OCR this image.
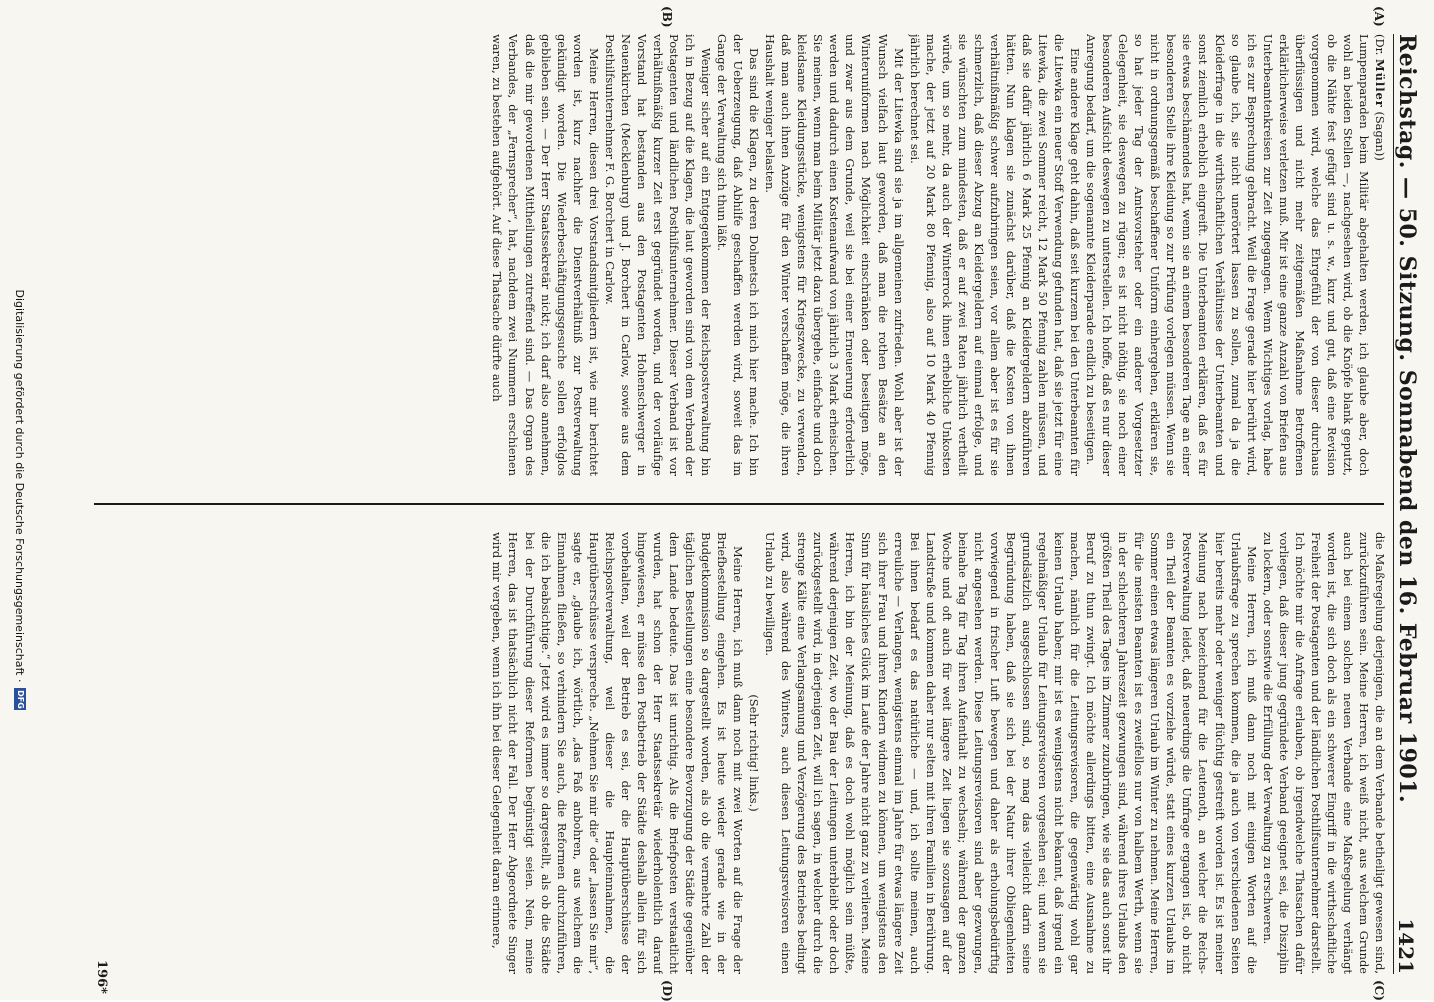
Reichstag. — 50. Sitzung. Sonnabend den 16. Februar 1901.
1421
(A)
(B)
(C)
(D)

(Dr. Müller (Sagan))

Lumpenparaden beim Militär abgehalten werden, ich glaube aber, doch wohl an beiden Stellen —, nachgesehen wird, ob die Knöpfe blank geputzt, ob die Nähte fest gefügt sind u. s. w., kurz und gut, daß eine Revision vorgenommen wird, welche das Ehrgefühl der von dieser durchaus überflüssigen und nicht mehr zeitgemäßen Maßnahme Betroffenen erklärlicherweise verletzen muß. Mir ist eine ganze Anzahl von Briefen aus Unterbeamtenkreisen zur Zeit zugegangen. Wenn Wichtiges vorlag, habe ich es zur Besprechung gebracht. Weil die Frage gerade hier berührt wird, so glaube ich, sie nicht unerörtert lassen zu sollen, zumal da ja die Kleiderfrage in die wirthschaftlichen Verhältnisse der Unterbeamten und sonst ziemlich erheblich eingreift. Die Unterbeamten erklären, daß es für sie etwas beschämendes hat, wenn sie an einem besonderen Tage an einer besonderen Stelle ihre Kleidung so zur Prüfung vorlegen müssen. Wenn sie nicht in ordnungsgemäß beschaffener Uniform einhergehen, erklären sie, so hat jeder Tag der Amtsvorsteher oder ein anderer Vorgesetzter Gelegenheit, sie deswegen zu rügen; es ist nicht nöthig, sie noch einer besonderen Aufsicht deswegen zu unterstellen. Ich hoffe, daß es nur dieser Anregung bedarf, um die sogenannte Kleiderparade endlich zu beseitigen.

Eine andere Klage geht dahin, daß seit kurzem bei den Unterbeamten für die Litewka ein neuer Stoff Verwendung gefunden hat, daß sie jetzt für eine Litewka, die zwei Sommer reicht, 12 Mark 50 Pfennig zahlen müssen, und daß sie dafür jährlich 6 Mark 25 Pfennig an Kleidergeldern abzuführen hätten. Nun klagen sie zunächst darüber, daß die Kosten von ihnen verhältnißmäßig schwer aufzubringen seien, vor allem aber ist es für sie schmerzlich, daß dieser Abzug an Kleidergeldern auf einmal erfolge, und sie wünschten zum mindesten, daß er auf zwei Raten jährlich vertheilt würde, um so mehr, da auch der Winterrock ihnen erhebliche Unkosten mache, der jetzt auf 20 Mark 80 Pfennig, also auf 10 Mark 40 Pfennig jährlich berechnet sei.

Mit der Litewka sind sie ja im allgemeinen zufrieden. Wohl aber ist der Wunsch vielfach laut geworden, daß man die rothen Besätze an den Winteruniformen nach Möglichkeit einschränken oder beseitigen möge, und zwar aus dem Grunde, weil sie bei einer Erneuerung erforderlich werden und dadurch einen Kostenaufwand von jährlich 3 Mark erheischen. Sie meinen, wenn man beim Militär jetzt dazu übergehe, einfache und doch kleidsame Kleidungsstücke, wenigstens für Kriegszwecke, zu verwenden, daß man auch ihnen Anzüge für den Winter verschaffen möge, die ihren Haushalt weniger belasten.

Das sind die Klagen, zu deren Dolmetsch ich mich hier mache. Ich bin der Ueberzeugung, daß Abhilfe geschaffen werden wird, soweit das im Gange der Verwaltung sich thun läßt.

Weniger sicher auf ein Entgegenkommen der Reichspostverwaltung bin ich in Bezug auf die Klagen, die laut geworden sind von dem Verband der Postagenten und ländlichen Posthilfsunternehmer. Dieser Verband ist vor verhältnißmäßig kurzer Zeit erst gegründet worden, und der vorläufige Vorstand hat bestanden aus den Postagenten Hohenschwerger in Neuenkirchen (Mecklenburg) und J. Borchert in Carlow, sowie aus dem Posthilfsunternehmer F. G. Borchert in Carlow.

Meine Herren, diesen drei Vorstandsmitgliedern ist, wie mir berichtet worden ist, kurz nachher die Dienstverhältniß zur Postverwaltung gekündigt worden. Die Wiederbeschäftigungsgesuche sollen erfolglos geblieben sein. — Der Herr Staatssekretär nickt; ich darf also annehmen, daß die mir gewordenen Mittheilungen zutreffend sind. — Das Organ des Verbandes, der „Fernsprecher“, hat, nachdem zwei Nummern erschienen waren, zu bestehen aufgehört. Auf diese Thatsache dürfte auch

die Maßregelung derjenigen, die an dem Verbande betheiligt gewesen sind, zurückzuführen sein. Meine Herren, ich weiß nicht, aus welchem Grunde auch bei einem solchen neuen Verbande eine Maßregelung verhängt worden ist, die sich doch als ein schwerer Eingriff in die wirthschaftliche Freiheit der Postagenten und der ländlichen Posthilfsunternehmer darstellt. Ich möchte mir die Anfrage erlauben, ob irgendwelche Thatsachen dafür vorliegen, daß dieser jung gegründete Verband geeignet sei, die Disziplin zu lockern, oder sonstwie die Erfüllung der Verwaltung zu erschweren.

Meine Herren, ich muß dann noch mit einigen Worten auf die Urlaubsfrage zu sprechen kommen, die ja auch von verschiedenen Seiten hier bereits mehr oder weniger flüchtig gestreift worden ist. Es ist meiner Meinung nach bezeichnend für die Leutenoth, an welcher die Reichs-Postverwaltung leidet, daß neuerdings die Umfrage ergangen ist, ob nicht ein Theil der Beamten es vorziehe würde, statt eines kurzen Urlaubs im Sommer einen etwas längeren Urlaub im Winter zu nehmen. Meine Herren, für die meisten Beamten ist es zweifellos nur von halbem Werth, wenn sie in der schlechteren Jahreszeit gezwungen sind, während ihres Urlaubs den größten Theil des Tages im Zimmer zuzubringen, wie sie das auch sonst ihr Beruf zu thun zwingt. Ich möchte allerdings bitten, eine Ausnahme zu machen, nämlich für die Leitungsrevisoren, die gegenwärtig wohl gar keinen Urlaub haben; mir ist es wenigstens nicht bekannt, daß irgend ein regelmäßiger Urlaub für Leitungsrevisoren vorgesehen sei; und wenn sie grundsätzlich ausgeschlossen sind, so mag das vielleicht darin seine Begründung haben, daß sie sich bei der Natur ihrer Obliegenheiten vorwiegend in frischer Luft bewegen und daher als erholungsbedürftig nicht angesehen werden. Diese Leitungsrevisoren sind aber gezwungen, beinahe Tag für Tag ihren Aufenthalt zu wechseln; während der ganzen Woche und oft auch für weit längere Zeit liegen sie sozusagen auf der Landstraße und kommen daher nur selten mit ihren Familien in Berührung. Bei ihnen bedarf es das natürliche — und, ich sollte meinen, auch erreuliche — Verlangen, wenigstens einmal im Jahre für etwas längere Zeit sich ihrer Frau und ihren Kindern widmen zu können, um wenigstens den Sinn für häusliches Glück im Laufe der Jahre nicht ganz zu verlieren. Meine Herren, ich bin der Meinung, daß es doch wohl möglich sein müßte, während derjenigen Zeit, wo der Bau der Leitungen unterbleibt oder doch zurückgestellt wird, in derjenigen Zeit, will ich sagen, in welcher durch die strenge Kälte eine Verlangsamung und Verzögerung des Betriebes bedingt wird, also während des Winters, auch diesen Leitungsrevisoren einen Urlaub zu bewilligen.

(Sehr richtig! links.)

Meine Herren, ich muß dann noch mit zwei Worten auf die Frage der Briefbestellung eingehen. Es ist heute wieder gerade wie in der Budgetkommission so dargestellt worden, als ob die vermehrte Zahl der täglichen Bestellungen eine besondere Bevorzugung der Städte gegenüber dem Lande bedeute. Das ist unrichtig. Als die Briefposten verstaatlicht wurden, hat schon der Herr Staatssekretär wiederholentlich darauf hingewiesen, er müsse den Postbetrieb der Städte deshalb allein für sich vorbehalten, weil der Betrieb es sei, der die Hauptüberschüsse der Reichspostverwaltung, weil dieser die Haupteinnahmen, die Hauptüberschüsse verspreche. „Nehmen Sie mir die“ oder „lassen Sie mir“, sagte er, „glaube ich, wörtlich, „das Faß anbohren, aus welchem die Einnahmen fließen, so verhindern Sie auch, die Reformen durchzuführen, die ich beabsichtige.“ Jetzt wird es immer so dargestellt, als ob die Städte bei der Durchführung dieser Reformen begünstigt seien. Nein, meine Herren, das ist thatsächlich nicht der Fall. Der Herr Abgeordnete Singer wird mir vergeben, wenn ich ihn bei dieser Gelegenheit daran erinnere,

196*
Digitalisierung gefördert durch die Deutsche Forschungsgemeinschaft ·
DFG
